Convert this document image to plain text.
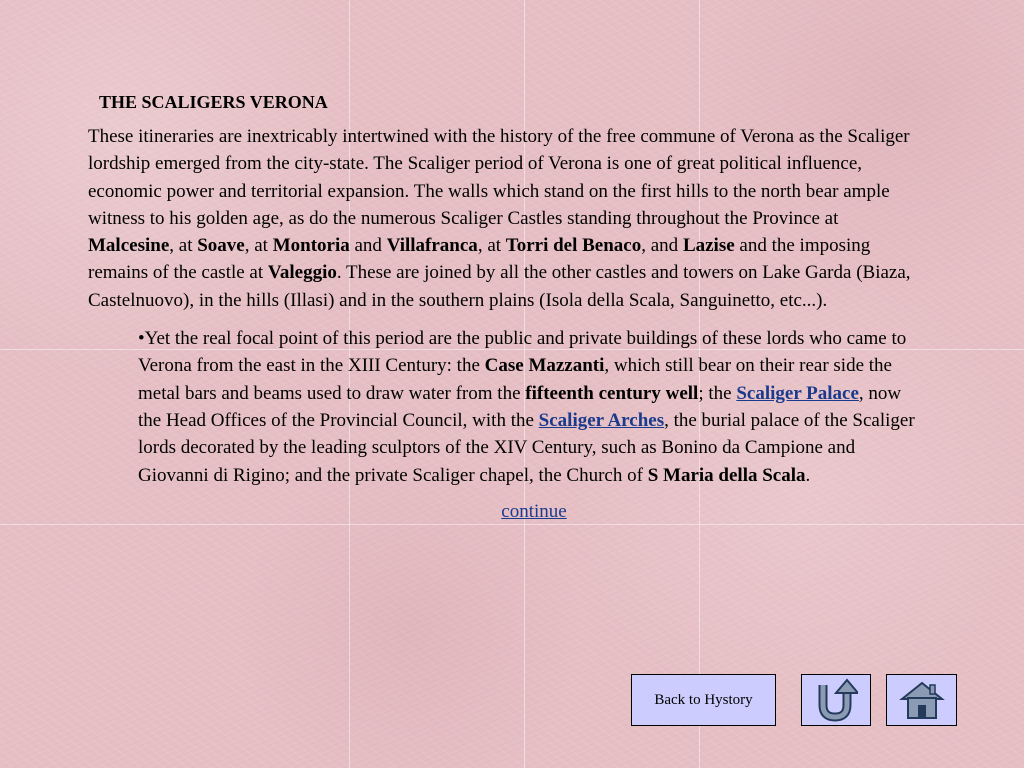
THE SCALIGERS VERONA

These itineraries are inextricably intertwined with the history of the free commune of Verona as the Scaliger lordship emerged from the city-state. The Scaliger period of Verona is one of great political influence, economic power and territorial expansion. The walls which stand on the first hills to the north bear ample witness to his golden age, as do the numerous Scaliger Castles standing throughout the Province at Malcesine, at Soave, at Montoria and Villafranca, at Torri del Benaco, and Lazise and the imposing remains of the castle at Valeggio. These are joined by all the other castles and towers on Lake Garda (Biaza, Castelnuovo), in the hills (Illasi) and in the southern plains (Isola della Scala, Sanguinetto, etc...).

•Yet the real focal point of this period are the public and private buildings of these lords who came to Verona from the east in the XIII Century: the Case Mazzanti, which still bear on their rear side the metal bars and beams used to draw water from the fifteenth century well; the Scaliger Palace, now the Head Offices of the Provincial Council, with the Scaliger Arches, the burial palace of the Scaliger lords decorated by the leading sculptors of the XIV Century, such as Bonino da Campione and Giovanni di Rigino; and the private Scaliger chapel, the Church of S Maria della Scala.

continue
Back to Hystory
